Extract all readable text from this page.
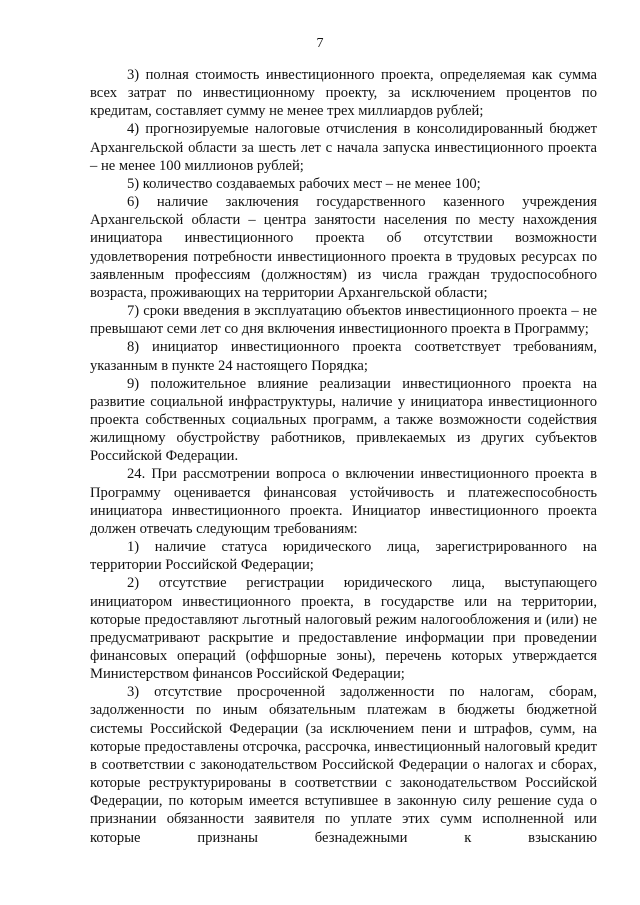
7

3) полная стоимость инвестиционного проекта, определяемая как сумма всех затрат по инвестиционному проекту, за исключением процентов по кредитам, составляет сумму не менее трех миллиардов рублей;

4) прогнозируемые налоговые отчисления в консолидированный бюджет Архангельской области за шесть лет с начала запуска инвестиционного проекта – не менее 100 миллионов рублей;

5) количество создаваемых рабочих мест – не менее 100;

6) наличие заключения государственного казенного учреждения Архангельской области – центра занятости населения по месту нахождения инициатора инвестиционного проекта об отсутствии возможности удовлетворения потребности инвестиционного проекта в трудовых ресурсах по заявленным профессиям (должностям) из числа граждан трудоспособного возраста, проживающих на территории Архангельской области;

7) сроки введения в эксплуатацию объектов инвестиционного проекта – не превышают семи лет со дня включения инвестиционного проекта в Программу;

8) инициатор инвестиционного проекта соответствует требованиям, указанным в пункте 24 настоящего Порядка;

9) положительное влияние реализации инвестиционного проекта на развитие социальной инфраструктуры, наличие у инициатора инвестиционного проекта собственных социальных программ, а также возможности содействия жилищному обустройству работников, привлекаемых из других субъектов Российской Федерации.

24. При рассмотрении вопроса о включении инвестиционного проекта в Программу оценивается финансовая устойчивость и платежеспособность инициатора инвестиционного проекта. Инициатор инвестиционного проекта должен отвечать следующим требованиям:

1) наличие статуса юридического лица, зарегистрированного на территории Российской Федерации;

2) отсутствие регистрации юридического лица, выступающего инициатором инвестиционного проекта, в государстве или на территории, которые предоставляют льготный налоговый режим налогообложения и (или) не предусматривают раскрытие и предоставление информации при проведении финансовых операций (оффшорные зоны), перечень которых утверждается Министерством финансов Российской Федерации;

3) отсутствие просроченной задолженности по налогам, сборам, задолженности по иным обязательным платежам в бюджеты бюджетной системы Российской Федерации (за исключением пени и штрафов, сумм, на которые предоставлены отсрочка, рассрочка, инвестиционный налоговый кредит в соответствии с законодательством Российской Федерации о налогах и сборах, которые реструктурированы в соответствии с законодательством Российской Федерации, по которым имеется вступившее в законную силу решение суда о признании обязанности заявителя по уплате этих сумм исполненной или которые признаны безнадежными к взысканию
